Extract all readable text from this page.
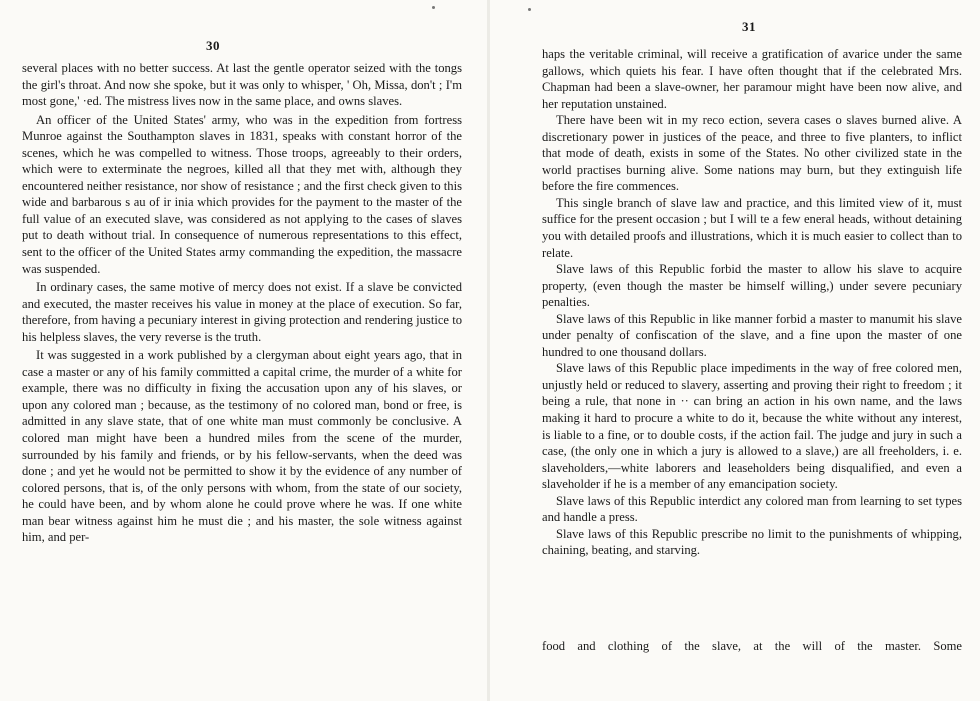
30

several places with no better success. At last the gentle operator seized with the tongs the girl's throat. And now she spoke, but it was only to whisper, ' Oh, Missa, don't ; I'm most gone,' ·ed. The mistress lives now in the same place, and owns slaves.

An officer of the United States' army, who was in the expedition from fortress Munroe against the Southampton slaves in 1831, speaks with constant horror of the scenes, which he was compelled to witness. Those troops, agreeably to their orders, which were to exterminate the negroes, killed all that they met with, although they encountered neither resistance, nor show of resistance ; and the first check given to this wide and barbarous s au of ir inia which provides for the payment to the master of the full value of an executed slave, was considered as not applying to the cases of slaves put to death without trial. In consequence of numerous representations to this effect, sent to the officer of the United States army commanding the expedition, the massacre was suspended.

In ordinary cases, the same motive of mercy does not exist. If a slave be convicted and executed, the master receives his value in money at the place of execution. So far, therefore, from having a pecuniary interest in giving protection and rendering justice to his helpless slaves, the very reverse is the truth.

It was suggested in a work published by a clergyman about eight years ago, that in case a master or any of his family committed a capital crime, the murder of a white for example, there was no difficulty in fixing the accusation upon any of his slaves, or upon any colored man ; because, as the testimony of no colored man, bond or free, is admitted in any slave state, that of one white man must commonly be conclusive. A colored man might have been a hundred miles from the scene of the murder, surrounded by his family and friends, or by his fellow-servants, when the deed was done ; and yet he would not be permitted to show it by the evidence of any number of colored persons, that is, of the only persons with whom, from the state of our society, he could have been, and by whom alone he could prove where he was. If one white man bear witness against him he must die ; and his master, the sole witness against him, and per-

31

haps the veritable criminal, will receive a gratification of avarice under the same gallows, which quiets his fear. I have often thought that if the celebrated Mrs. Chapman had been a slave-owner, her paramour might have been now alive, and her reputation unstained.

There have been wit in my reco ection, severa cases o slaves burned alive. A discretionary power in justices of the peace, and three to five planters, to inflict that mode of death, exists in some of the States. No other civilized state in the world practises burning alive. Some nations may burn, but they extinguish life before the fire commences.

This single branch of slave law and practice, and this limited view of it, must suffice for the present occasion ; but I will te a few eneral heads, without detaining you with detailed proofs and illustrations, which it is much easier to collect than to relate.

Slave laws of this Republic forbid the master to allow his slave to acquire property, (even though the master be himself willing,) under severe pecuniary penalties.

Slave laws of this Republic in like manner forbid a master to manumit his slave under penalty of confiscation of the slave, and a fine upon the master of one hundred to one thousand dollars.

Slave laws of this Republic place impediments in the way of free colored men, unjustly held or reduced to slavery, asserting and proving their right to freedom ; it being a rule, that none in ·· can bring an action in his own name, and the laws making it hard to procure a white to do it, because the white without any interest, is liable to a fine, or to double costs, if the action fail. The judge and jury in such a case, (the only one in which a jury is allowed to a slave,) are all freeholders, i. e. slaveholders,—white laborers and leaseholders being disqualified, and even a slaveholder if he is a member of any emancipation society.

Slave laws of this Republic interdict any colored man from learning to set types and handle a press.

Slave laws of this Republic prescribe no limit to the punishments of whipping, chaining, beating, and starving.

food and clothing of the slave, at the will of the master. Some
